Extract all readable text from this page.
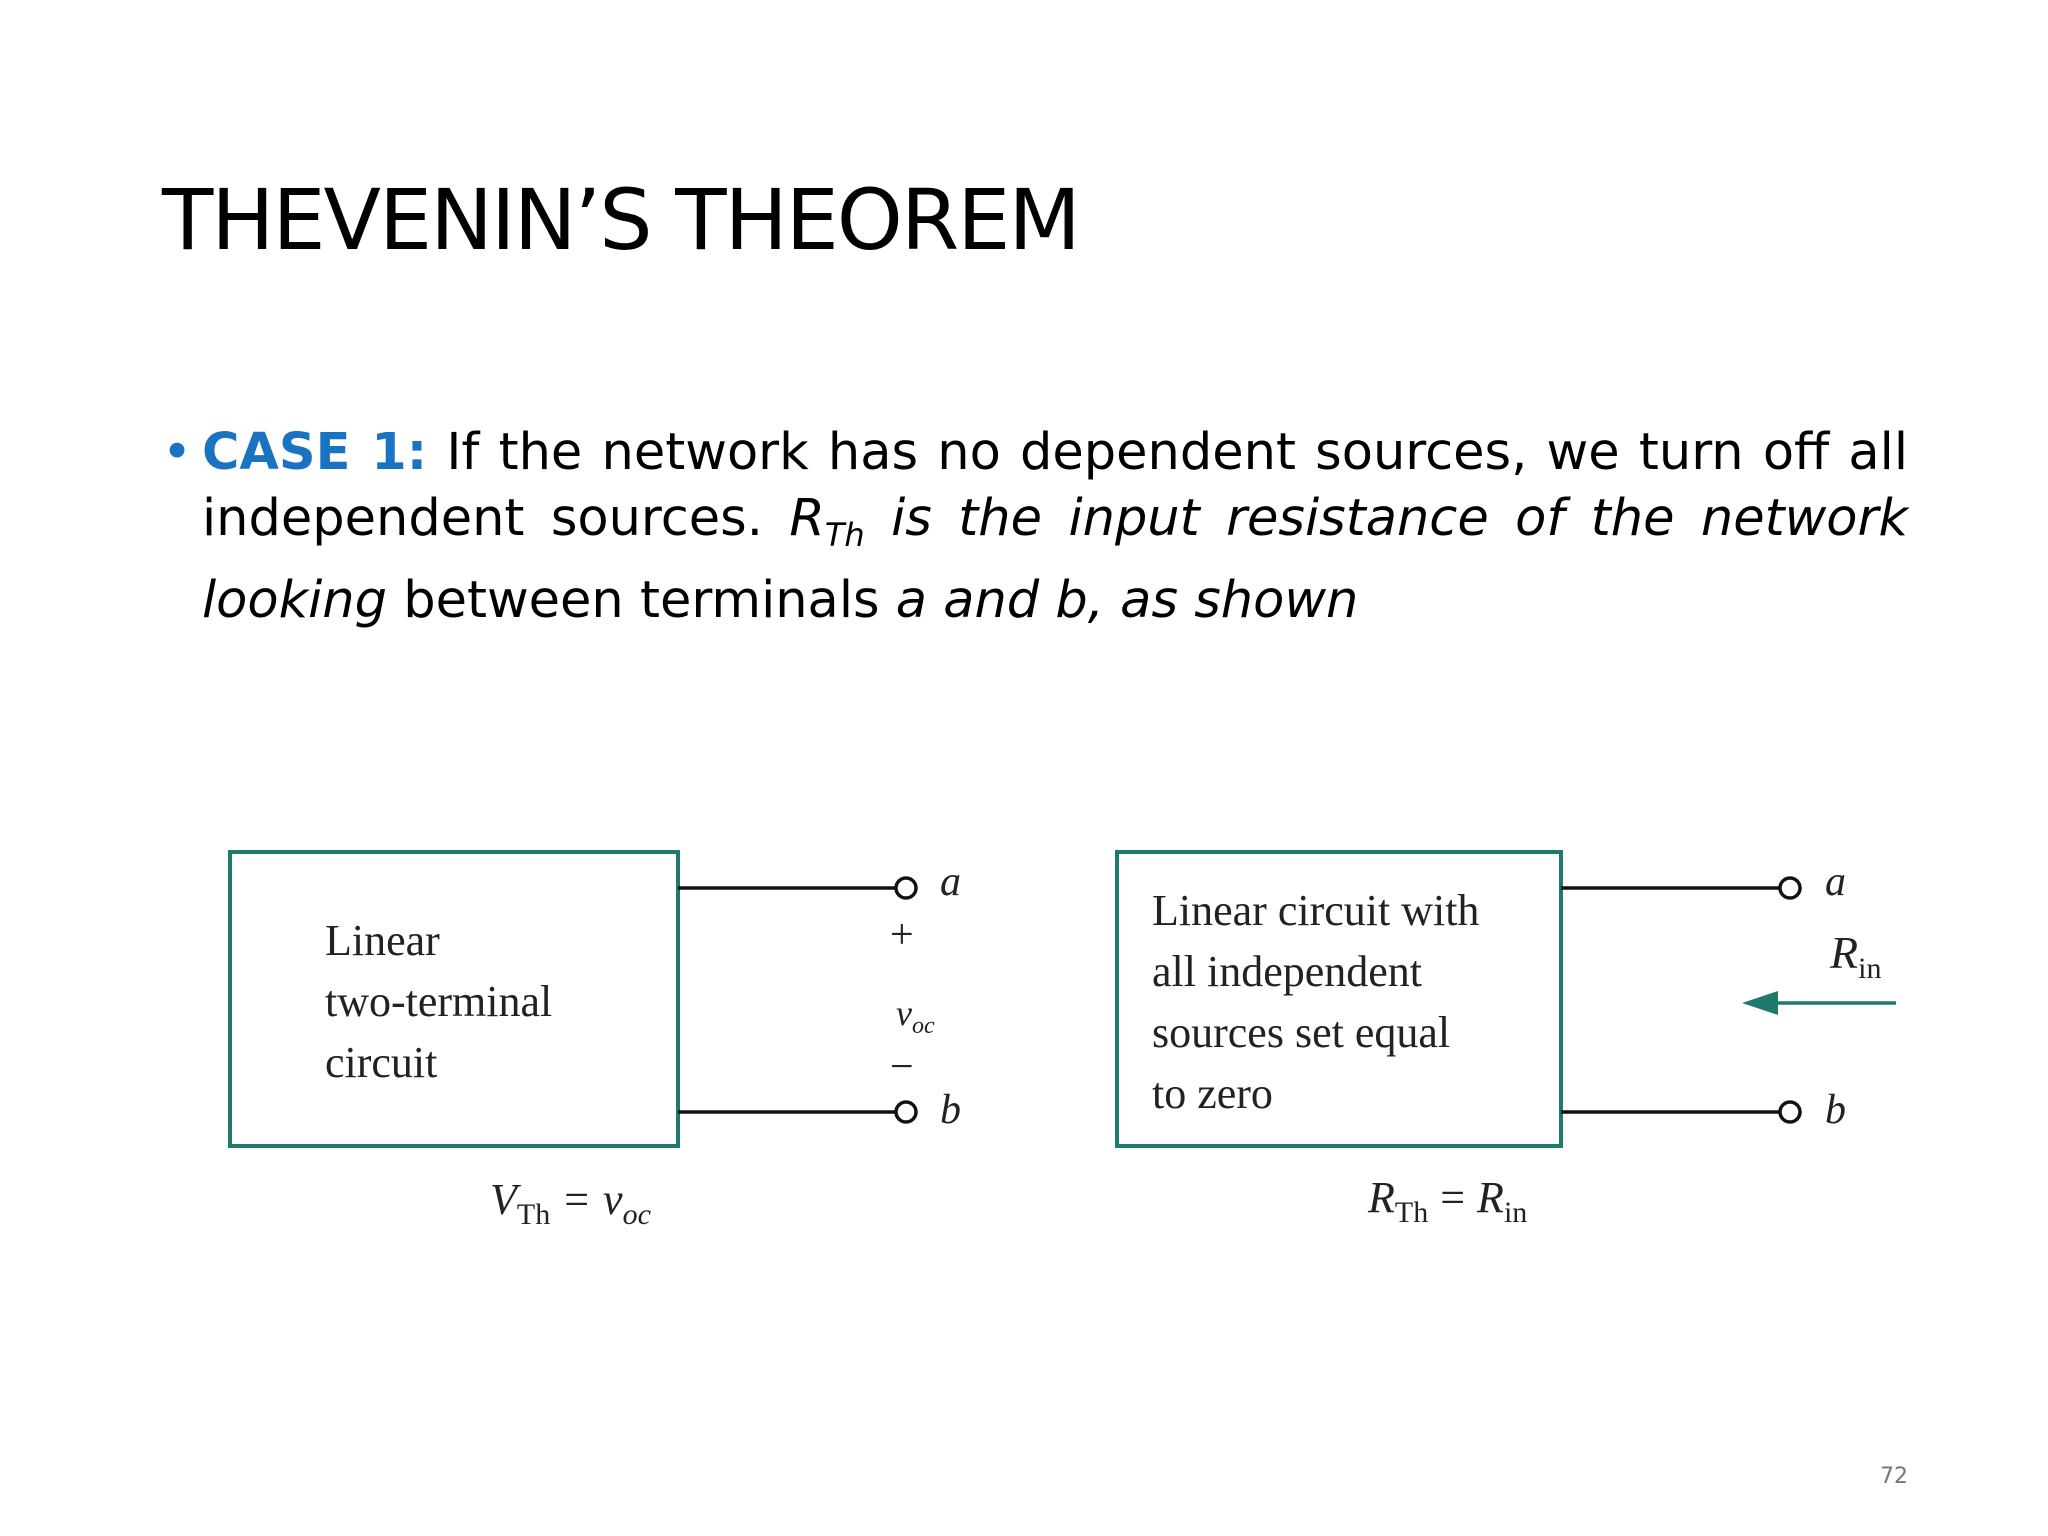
THEVENIN’S THEOREM
• CASE 1: If the network has no dependent sources, we turn off all independent sources. $R_{Th}$ is the input resistance of the network looking between terminals a and b, as shown
Linear two-terminal circuit
a
b
+
$v_{oc}$
−
$V_{Th} = v_{oc}$
Linear circuit with all independent sources set equal to zero
a
b
$R_{in}$
$R_{Th} = R_{in}$
72
